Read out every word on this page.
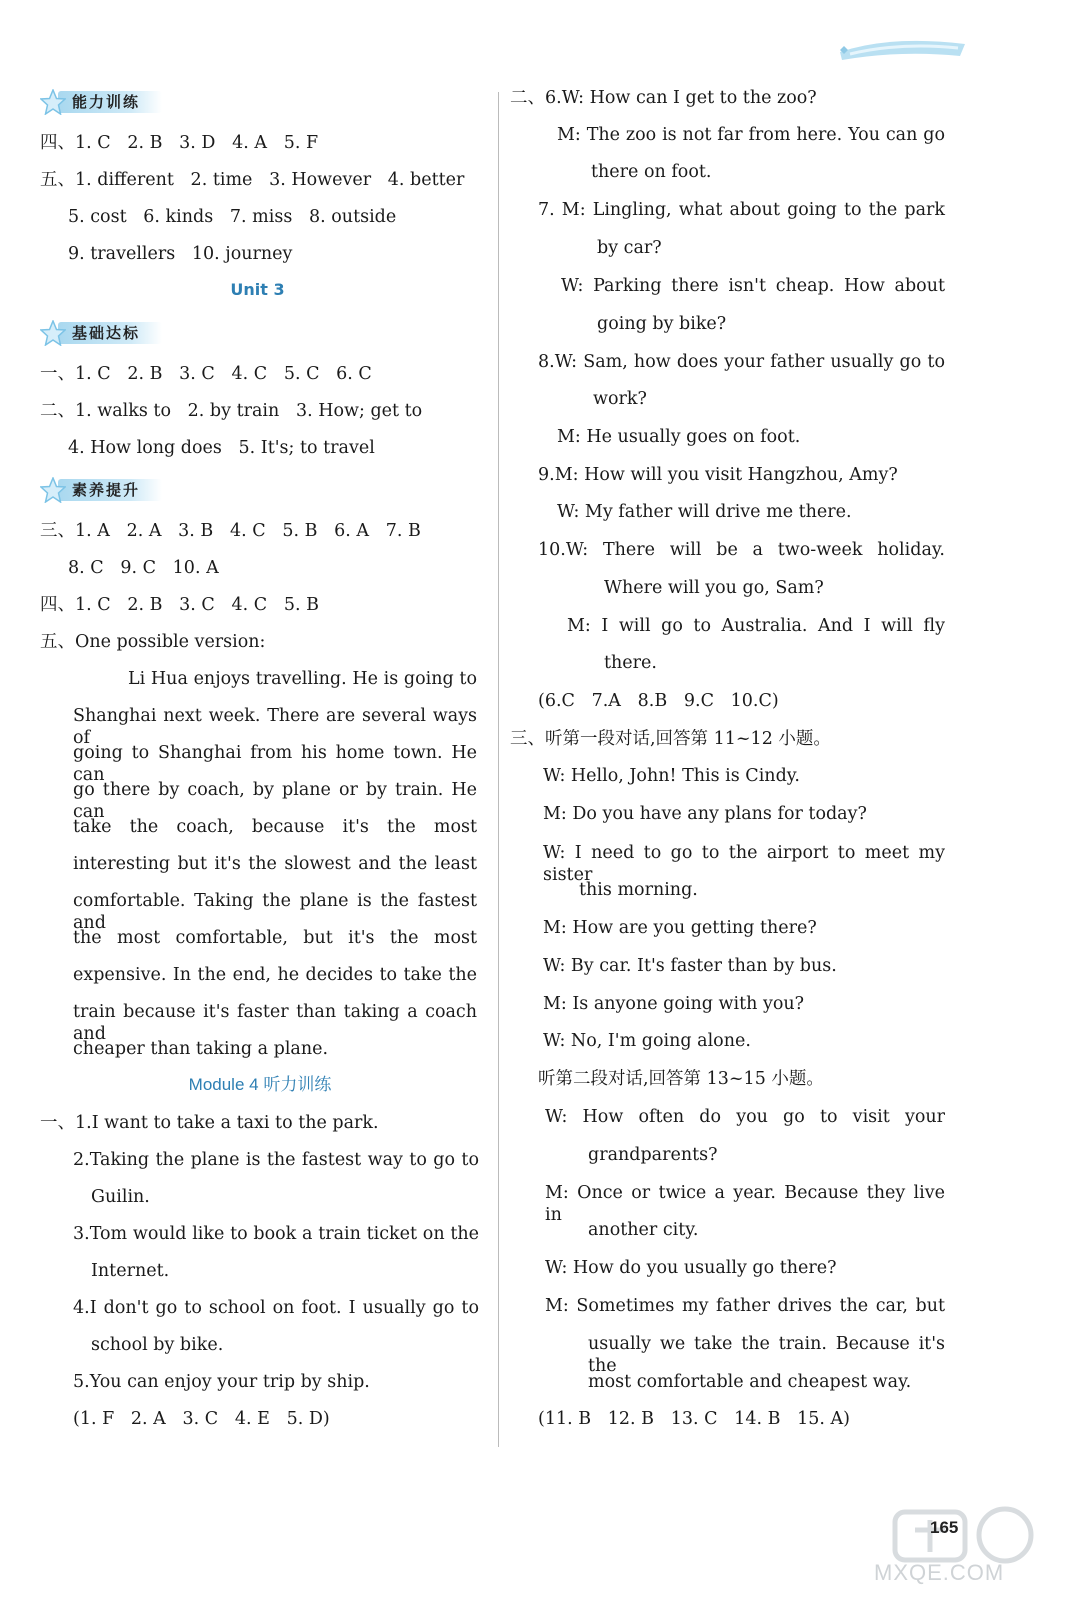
能力训练
四、1. C   2. B   3. D   4. A   5. F
五、1. different   2. time   3. However   4. better
5. cost   6. kinds   7. miss   8. outside
9. travellers   10. journey
Unit 3
基础达标
一、1. C   2. B   3. C   4. C   5. C   6. C
二、1. walks to   2. by train   3. How; get to
4. How long does   5. It's; to travel
素养提升
三、1. A   2. A   3. B   4. C   5. B   6. A   7. B
8. C   9. C   10. A
四、1. C   2. B   3. C   4. C   5. B
五、One possible version:
Li Hua enjoys travelling. He is going to
Shanghai next week. There are several ways of
going to Shanghai from his home town. He can
go there by coach, by plane or by train. He can
take the coach, because it's the most
interesting but it's the slowest and the least
comfortable. Taking the plane is the fastest and
the most comfortable, but it's the most
expensive. In the end, he decides to take the
train because it's faster than taking a coach and
cheaper than taking a plane.
Module 4 听力训练
一、1.I want to take a taxi to the park.
2.Taking the plane is the fastest way to go to
Guilin.
3.Tom would like to book a train ticket on the
Internet.
4.I don't go to school on foot. I usually go to
school by bike.
5.You can enjoy your trip by ship.
(1. F   2. A   3. C   4. E   5. D)
二、6.W: How can I get to the zoo?
M: The zoo is not far from here. You can go
there on foot.
7. M: Lingling, what about going to the park
by car?
W: Parking there isn't cheap. How about
going by bike?
8.W: Sam, how does your father usually go to
work?
M: He usually goes on foot.
9.M: How will you visit Hangzhou, Amy?
W: My father will drive me there.
10.W: There will be a two-week holiday.
Where will you go, Sam?
M: I will go to Australia. And I will fly
there.
(6.C   7.A   8.B   9.C   10.C)
三、听第一段对话,回答第 11~12 小题。
W: Hello, John! This is Cindy.
M: Do you have any plans for today?
W: I need to go to the airport to meet my sister
this morning.
M: How are you getting there?
W: By car. It's faster than by bus.
M: Is anyone going with you?
W: No, I'm going alone.
听第二段对话,回答第 13~15 小题。
W: How often do you go to visit your
grandparents?
M: Once or twice a year. Because they live in
another city.
W: How do you usually go there?
M: Sometimes my father drives the car, but
usually we take the train. Because it's the
most comfortable and cheapest way.
(11. B   12. B   13. C   14. B   15. A)
165
MXQE.COM
